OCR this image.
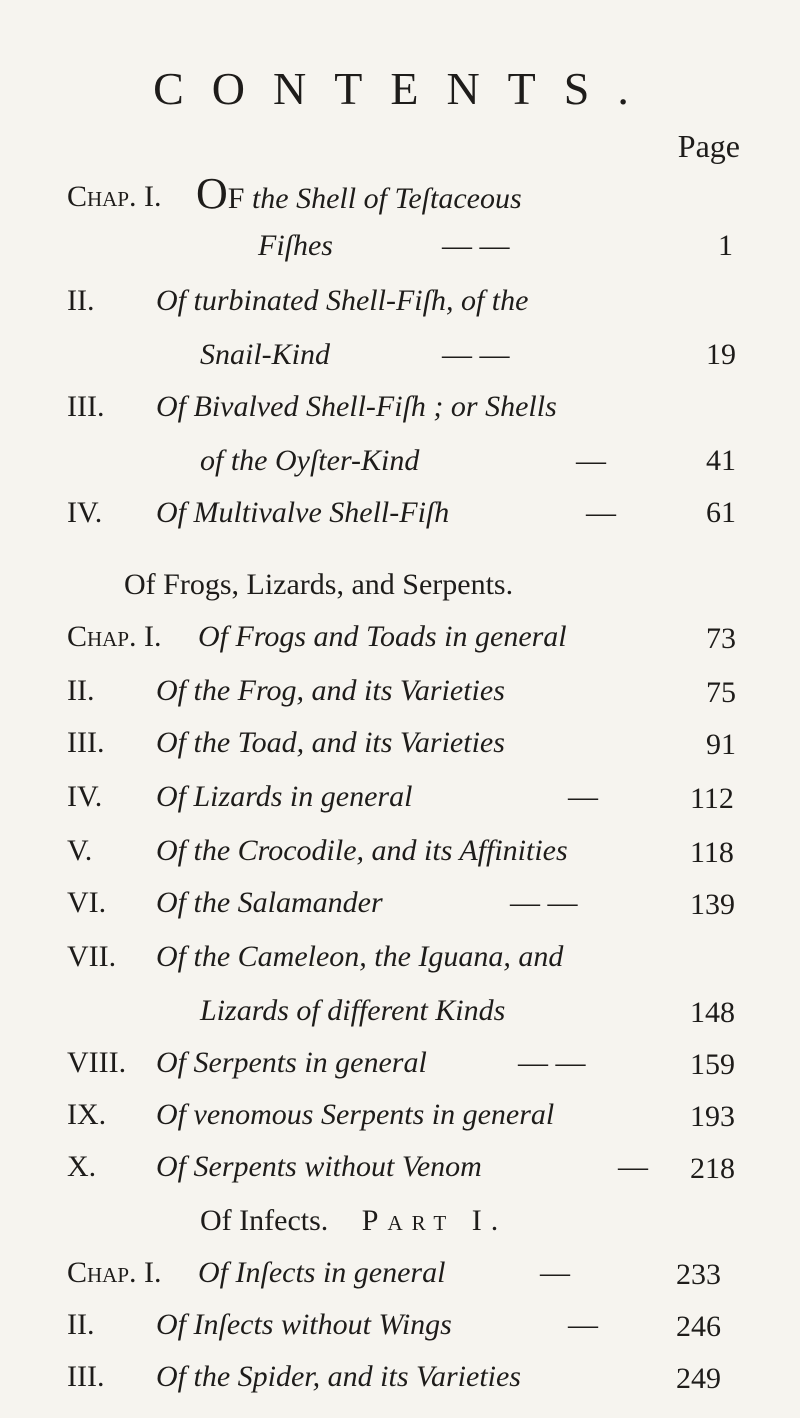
CONTENTS.
Page
Chap. I. OF the Shell of Teſtaceous
Fiſhes	— —	1
II. Of turbinated Shell-Fiſh, of the
Snail-Kind	— —	19
III. Of Bivalved Shell-Fiſh ; or Shells
of the Oyſter-Kind	—	41
IV. Of Multivalve Shell-Fiſh	—	61
Of Frogs, Lizards, and Serpents.
Chap. I. Of Frogs and Toads in general	73
II. Of the Frog, and its Varieties	75
III. Of the Toad, and its Varieties	91
IV. Of Lizards in general	—	112
V. Of the Crocodile, and its Affinities	118
VI. Of the Salamander	— —	139
VII. Of the Cameleon, the Iguana, and
Lizards of different Kinds	148
VIII. Of Serpents in general	— —	159
IX. Of venomous Serpents in general	193
X. Of Serpents without Venom	— 218
Of Infects. Part I.
Chap. I. Of Inſects in general	—	233
II. Of Inſects without Wings	—	246
III. Of the Spider, and its Varieties	249
